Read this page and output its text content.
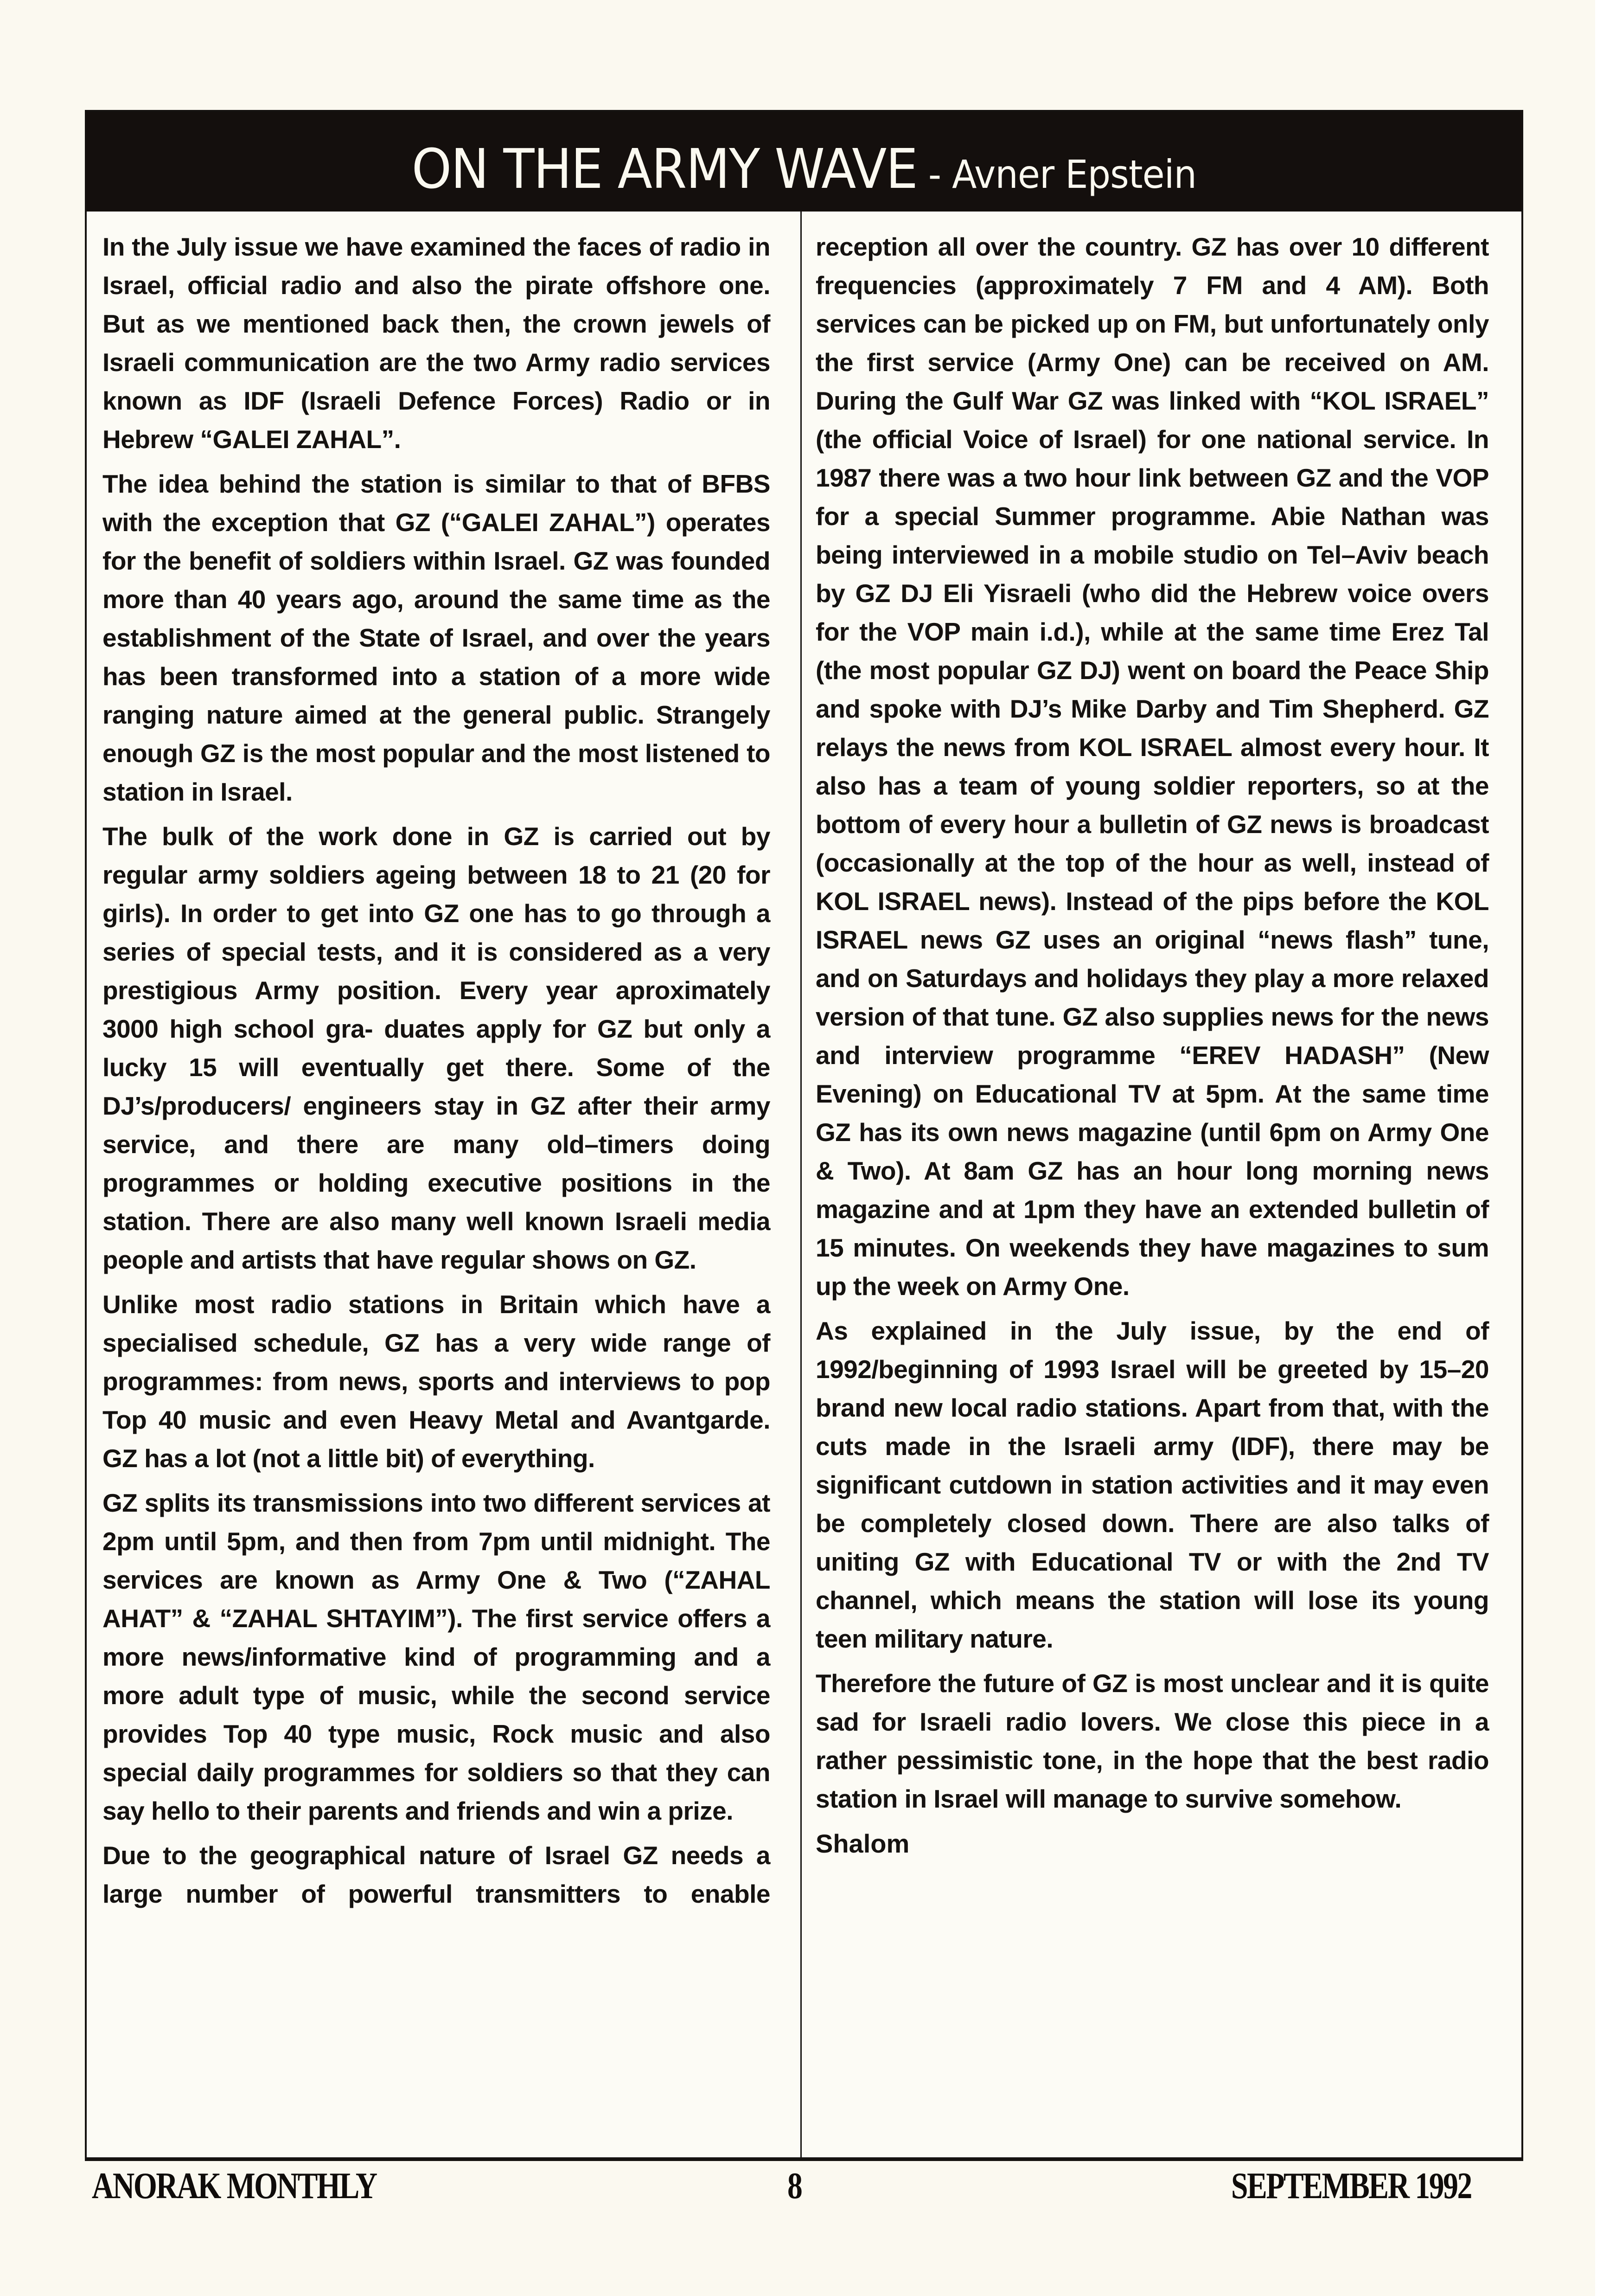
ON THE ARMY WAVE - Avner Epstein

In the July issue we have examined the faces of radio in Israel, official radio and also the pirate offshore one. But as we mentioned back then, the crown jewels of Israeli communication are the two Army radio services known as IDF (Israeli Defence Forces) Radio or in Hebrew “GALEI ZAHAL”.

The idea behind the station is similar to that of BFBS with the exception that GZ (“GALEI ZAHAL”) operates for the benefit of soldiers within Israel. GZ was founded more than 40 years ago, around the same time as the establishment of the State of Israel, and over the years has been transformed into a station of a more wide ranging nature aimed at the general public. Strangely enough GZ is the most popular and the most listened to station in Israel.

The bulk of the work done in GZ is carried out by regular army soldiers ageing between 18 to 21 (20 for girls). In order to get into GZ one has to go through a series of special tests, and it is considered as a very prestigious Army position. Every year aproximately 3000 high school gra‑ duates apply for GZ but only a lucky 15 will eventually get there. Some of the DJ’s/producers/ engineers stay in GZ after their army service, and there are many old–timers doing programmes or holding executive positions in the station. There are also many well known Israeli media people and artists that have regular shows on GZ.

Unlike most radio stations in Britain which have a specialised schedule, GZ has a very wide range of programmes: from news, sports and interviews to pop Top 40 music and even Heavy Metal and Avantgarde. GZ has a lot (not a little bit) of everything.

GZ splits its transmissions into two different services at 2pm until 5pm, and then from 7pm until midnight. The services are known as Army One & Two (“ZAHAL AHAT” & “ZAHAL SHTAYIM”). The first service offers a more news/informative kind of programming and a more adult type of music, while the second service provides Top 40 type music, Rock music and also special daily programmes for soldiers so that they can say hello to their parents and friends and win a prize.

Due to the geographical nature of Israel GZ needs a large number of powerful transmitters to enable

reception all over the country. GZ has over 10 different frequencies (approximately 7 FM and 4 AM). Both services can be picked up on FM, but unfortunately only the first service (Army One) can be received on AM. During the Gulf War GZ was linked with “KOL ISRAEL” (the official Voice of Israel) for one national service. In 1987 there was a two hour link between GZ and the VOP for a special Summer programme. Abie Nathan was being interviewed in a mobile studio on Tel–Aviv beach by GZ DJ Eli Yisraeli (who did the Hebrew voice overs for the VOP main i.d.), while at the same time Erez Tal (the most popular GZ DJ) went on board the Peace Ship and spoke with DJ’s Mike Darby and Tim Shepherd. GZ relays the news from KOL ISRAEL almost every hour. It also has a team of young soldier reporters, so at the bottom of every hour a bulletin of GZ news is broadcast (occasionally at the top of the hour as well, instead of KOL ISRAEL news). Instead of the pips before the KOL ISRAEL news GZ uses an original “news flash” tune, and on Saturdays and holidays they play a more relaxed version of that tune. GZ also supplies news for the news and interview programme “EREV HADASH” (New Evening) on Educational TV at 5pm. At the same time GZ has its own news magazine (until 6pm on Army One & Two). At 8am GZ has an hour long morning news magazine and at 1pm they have an extended bulletin of 15 minutes. On weekends they have magazines to sum up the week on Army One.

As explained in the July issue, by the end of 1992/beginning of 1993 Israel will be greeted by 15–20 brand new local radio stations. Apart from that, with the cuts made in the Israeli army (IDF), there may be significant cutdown in station activities and it may even be completely closed down. There are also talks of uniting GZ with Educational TV or with the 2nd TV channel, which means the station will lose its young teen military nature.

Therefore the future of GZ is most unclear and it is quite sad for Israeli radio lovers. We close this piece in a rather pessimistic tone, in the hope that the best radio station in Israel will manage to survive somehow.

Shalom

ANORAK MONTHLY	8	SEPTEMBER 1992
